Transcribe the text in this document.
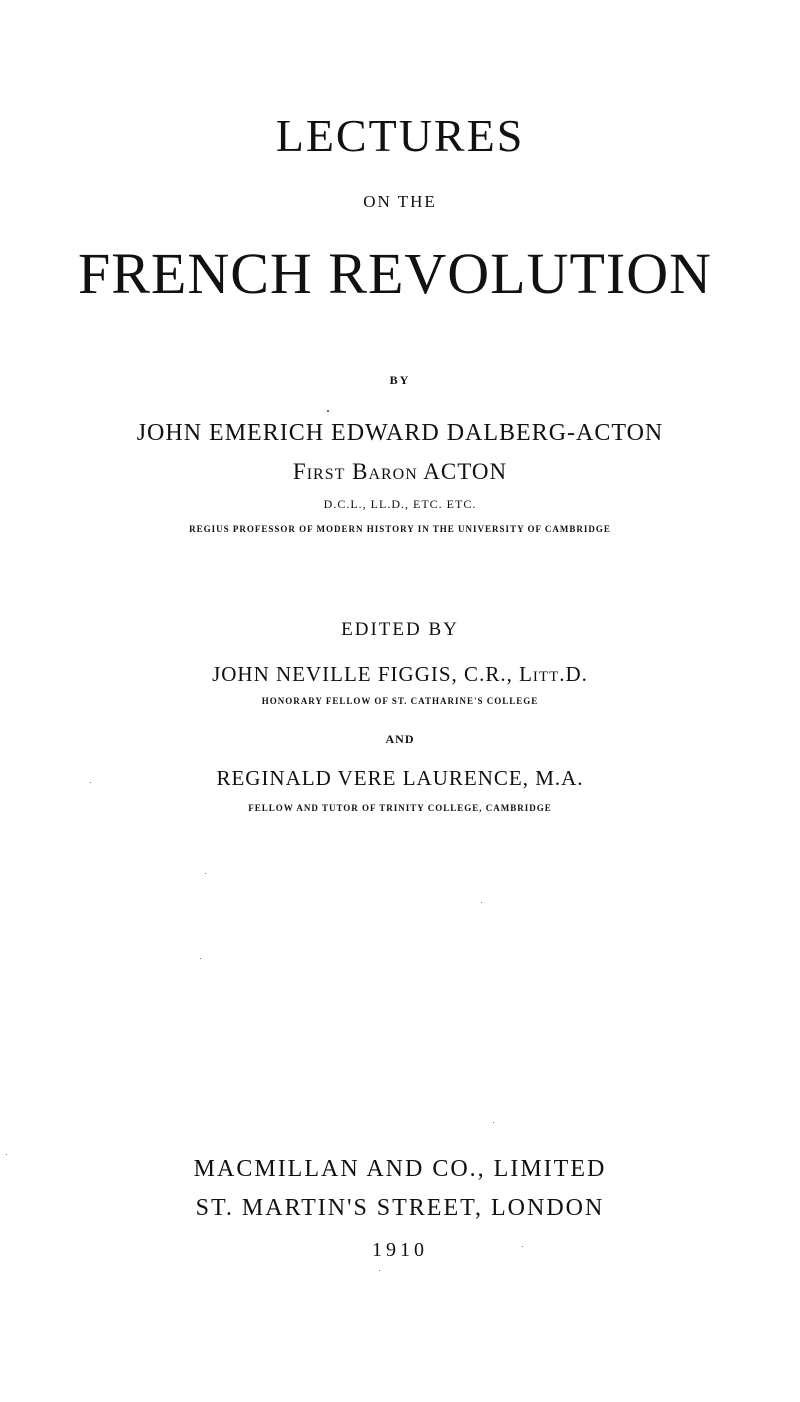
LECTURES
ON THE
FRENCH REVOLUTION
BY
JOHN EMERICH EDWARD DALBERG-ACTON
First Baron ACTON
D.C.L., LL.D., ETC. ETC.
REGIUS PROFESSOR OF MODERN HISTORY IN THE UNIVERSITY OF CAMBRIDGE
EDITED BY
JOHN NEVILLE FIGGIS, C.R., Litt.D.
HONORARY FELLOW OF ST. CATHARINE'S COLLEGE
AND
REGINALD VERE LAURENCE, M.A.
FELLOW AND TUTOR OF TRINITY COLLEGE, CAMBRIDGE
MACMILLAN AND CO., LIMITED
ST. MARTIN'S STREET, LONDON
1910
